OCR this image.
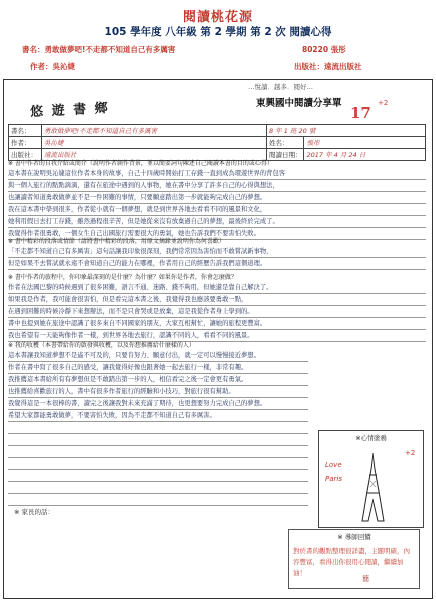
閱讀桃花源
105 學年度 八年級 第 2 學期 第 2 次 閱讀心得
書名：勇敢做夢吧!不走都不知道自己有多厲害	80220 張彤
作者：吳沁婕	出版社：遠流出版社
悠 遊 書 鄉
…悅讀．越多．閱好…
東興國中閱讀分享單
17
+2
書名：	勇敢做夢吧!不走都不知道自己有多厲害	8 年 1 班 20 號	
作者：	吳沁婕	姓名：	張彤
出版社：	遠流出版社	閱讀日期：	2017 年 4 月 24 日
※ 書中作者的自我介紹或簡介（說明作者創作背景，並以簡要詞句陳述自己閱讀本書的目的或心得）
這本書在說明吳沁婕這位作者本身的故事，自己十四歲時開始打工存錢一直到成為環遊世界的背包客
與一個人旅行的點點滴滴，還有在旅途中遇到的人事物，她在書中分享了許多自己的心得與想法，
也讓讀者知道勇敢做夢並不是一件困難的事情，只要願意踏出第一步就能夠完成自己的夢想。
我在這本書中學到很多，作者從小就有一個夢想，就是到世界各地去看看不同的風景和文化，
她利用假日去打工存錢，雖然過程很辛苦，但是她從來沒有放棄過自己的夢想，最後終於完成了。
我覺得作者很勇敢，一個女生自己出國旅行需要很大的勇氣，她也告訴我們不要害怕失敗。
※ 書中精彩的段落或情節（請將書中精彩的段落，用原文摘錄並說明你為何喜歡）
「不走都不知道自己有多厲害」這句話讓我印象很深刻，我們常常因為害怕而不敢嘗試新事物，
但是如果不去嘗試就永遠不會知道自己的能力在哪裡，作者用自己的經歷告訴我們這個道理。
※ 書中作者的旅程中，你印象最深刻的是什麼？為什麼？如果你是作者，你會怎麼做？
作者在法國巴黎的時候遇到了很多困難，語言不通、迷路、錢不夠用，但她還是靠自己解決了。
如果我是作者，我可能會很害怕，但是看完這本書之後，我覺得我也應該要勇敢一點，
在遇到困難的時候冷靜下來想辦法，而不是只會哭或是放棄，這是我從作者身上學到的。
書中也提到她在旅途中認識了很多來自不同國家的朋友，大家互相幫忙，讓她的旅程更豐富。
我也希望有一天能夠像作者一樣，到世界各地去旅行，認識不同的人，看看不同的風景。
※ 我的收穫（本書帶給你的啟發與收穫，以及你想推薦給什麼樣的人）
這本書讓我知道夢想不是遙不可及的，只要肯努力、願意付出，就一定可以慢慢接近夢想。
作者在書中寫了很多自己的感受，讓我覺得好像也跟著她一起去旅行一樣，非常有趣。
我推薦這本書給所有有夢想但是不敢踏出第一步的人，相信看完之後一定會更有勇氣。
也推薦給喜歡旅行的人，書中有很多作者旅行的經驗和小技巧，對旅行很有幫助。
我覺得這是一本很棒的書，讀完之後讓我對未來充滿了期待，也更想要努力完成自己的夢想。
希望大家都能勇敢做夢，不要害怕失敗，因為不走都不知道自己有多厲害。
※心情塗鴉
Love
Paris
+2
※ 家長的話：
※ 導師回饋
對於書的觀點整理很詳盡，主題明確，內容豐富，看得出你很用心閱讀，繼續加油！
簡
